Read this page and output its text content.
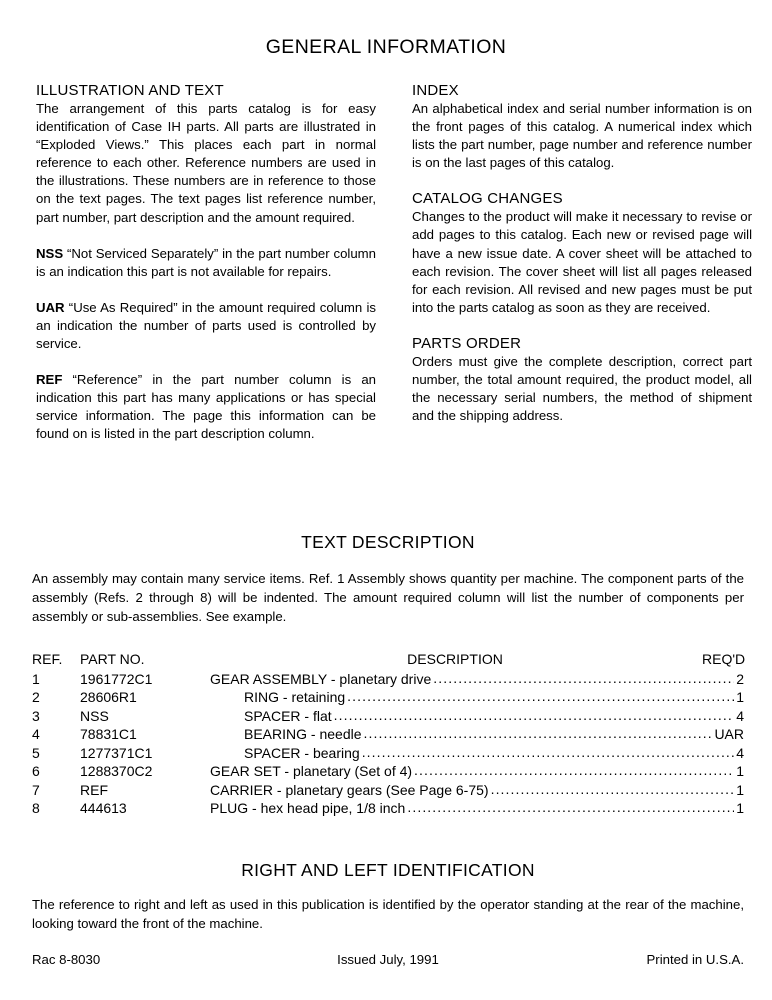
GENERAL INFORMATION
ILLUSTRATION AND TEXT

The arrangement of this parts catalog is for easy identification of Case IH parts. All parts are illustrated in “Exploded Views.” This places each part in normal reference to each other. Reference numbers are used in the illustrations. These numbers are in reference to those on the text pages. The text pages list reference number, part number, part description and the amount required.

NSS “Not Serviced Separately” in the part number column is an indication this part is not available for repairs.

UAR “Use As Required” in the amount required column is an indication the number of parts used is controlled by service.

REF “Reference” in the part number column is an indication this part has many applications or has special service information. The page this information can be found on is listed in the part description column.

INDEX

An alphabetical index and serial number information is on the front pages of this catalog. A numerical index which lists the part number, page number and reference number is on the last pages of this catalog.

CATALOG CHANGES

Changes to the product will make it necessary to revise or add pages to this catalog. Each new or revised page will have a new issue date. A cover sheet will be attached to each revision. The cover sheet will list all pages released for each revision. All revised and new pages must be put into the parts catalog as soon as they are received.

PARTS ORDER

Orders must give the complete description, correct part number, the total amount required, the product model, all the necessary serial numbers, the method of shipment and the shipping address.

TEXT DESCRIPTION

An assembly may contain many service items. Ref. 1 Assembly shows quantity per machine. The component parts of the assembly (Refs. 2 through 8) will be indented. The amount required column will list the number of components per assembly or sub-assemblies. See example.

REF.	PART NO.	DESCRIPTION	REQ'D
1	1961772C1	GEAR ASSEMBLY - planetary drive .....	2
2	28606R1	RING - retaining .....	1
3	NSS	SPACER - flat .....	4
4	78831C1	BEARING - needle .....	UAR
5	1277371C1	SPACER - bearing .....	4
6	1288370C2	GEAR SET - planetary (Set of 4) .....	1
7	REF	CARRIER - planetary gears (See Page 6-75) .....	1
8	444613	PLUG - hex head pipe, 1/8 inch .....	1
RIGHT AND LEFT IDENTIFICATION

The reference to right and left as used in this publication is identified by the operator standing at the rear of the machine, looking toward the front of the machine.

Rac 8-8030	Issued July, 1991	Printed in U.S.A.
